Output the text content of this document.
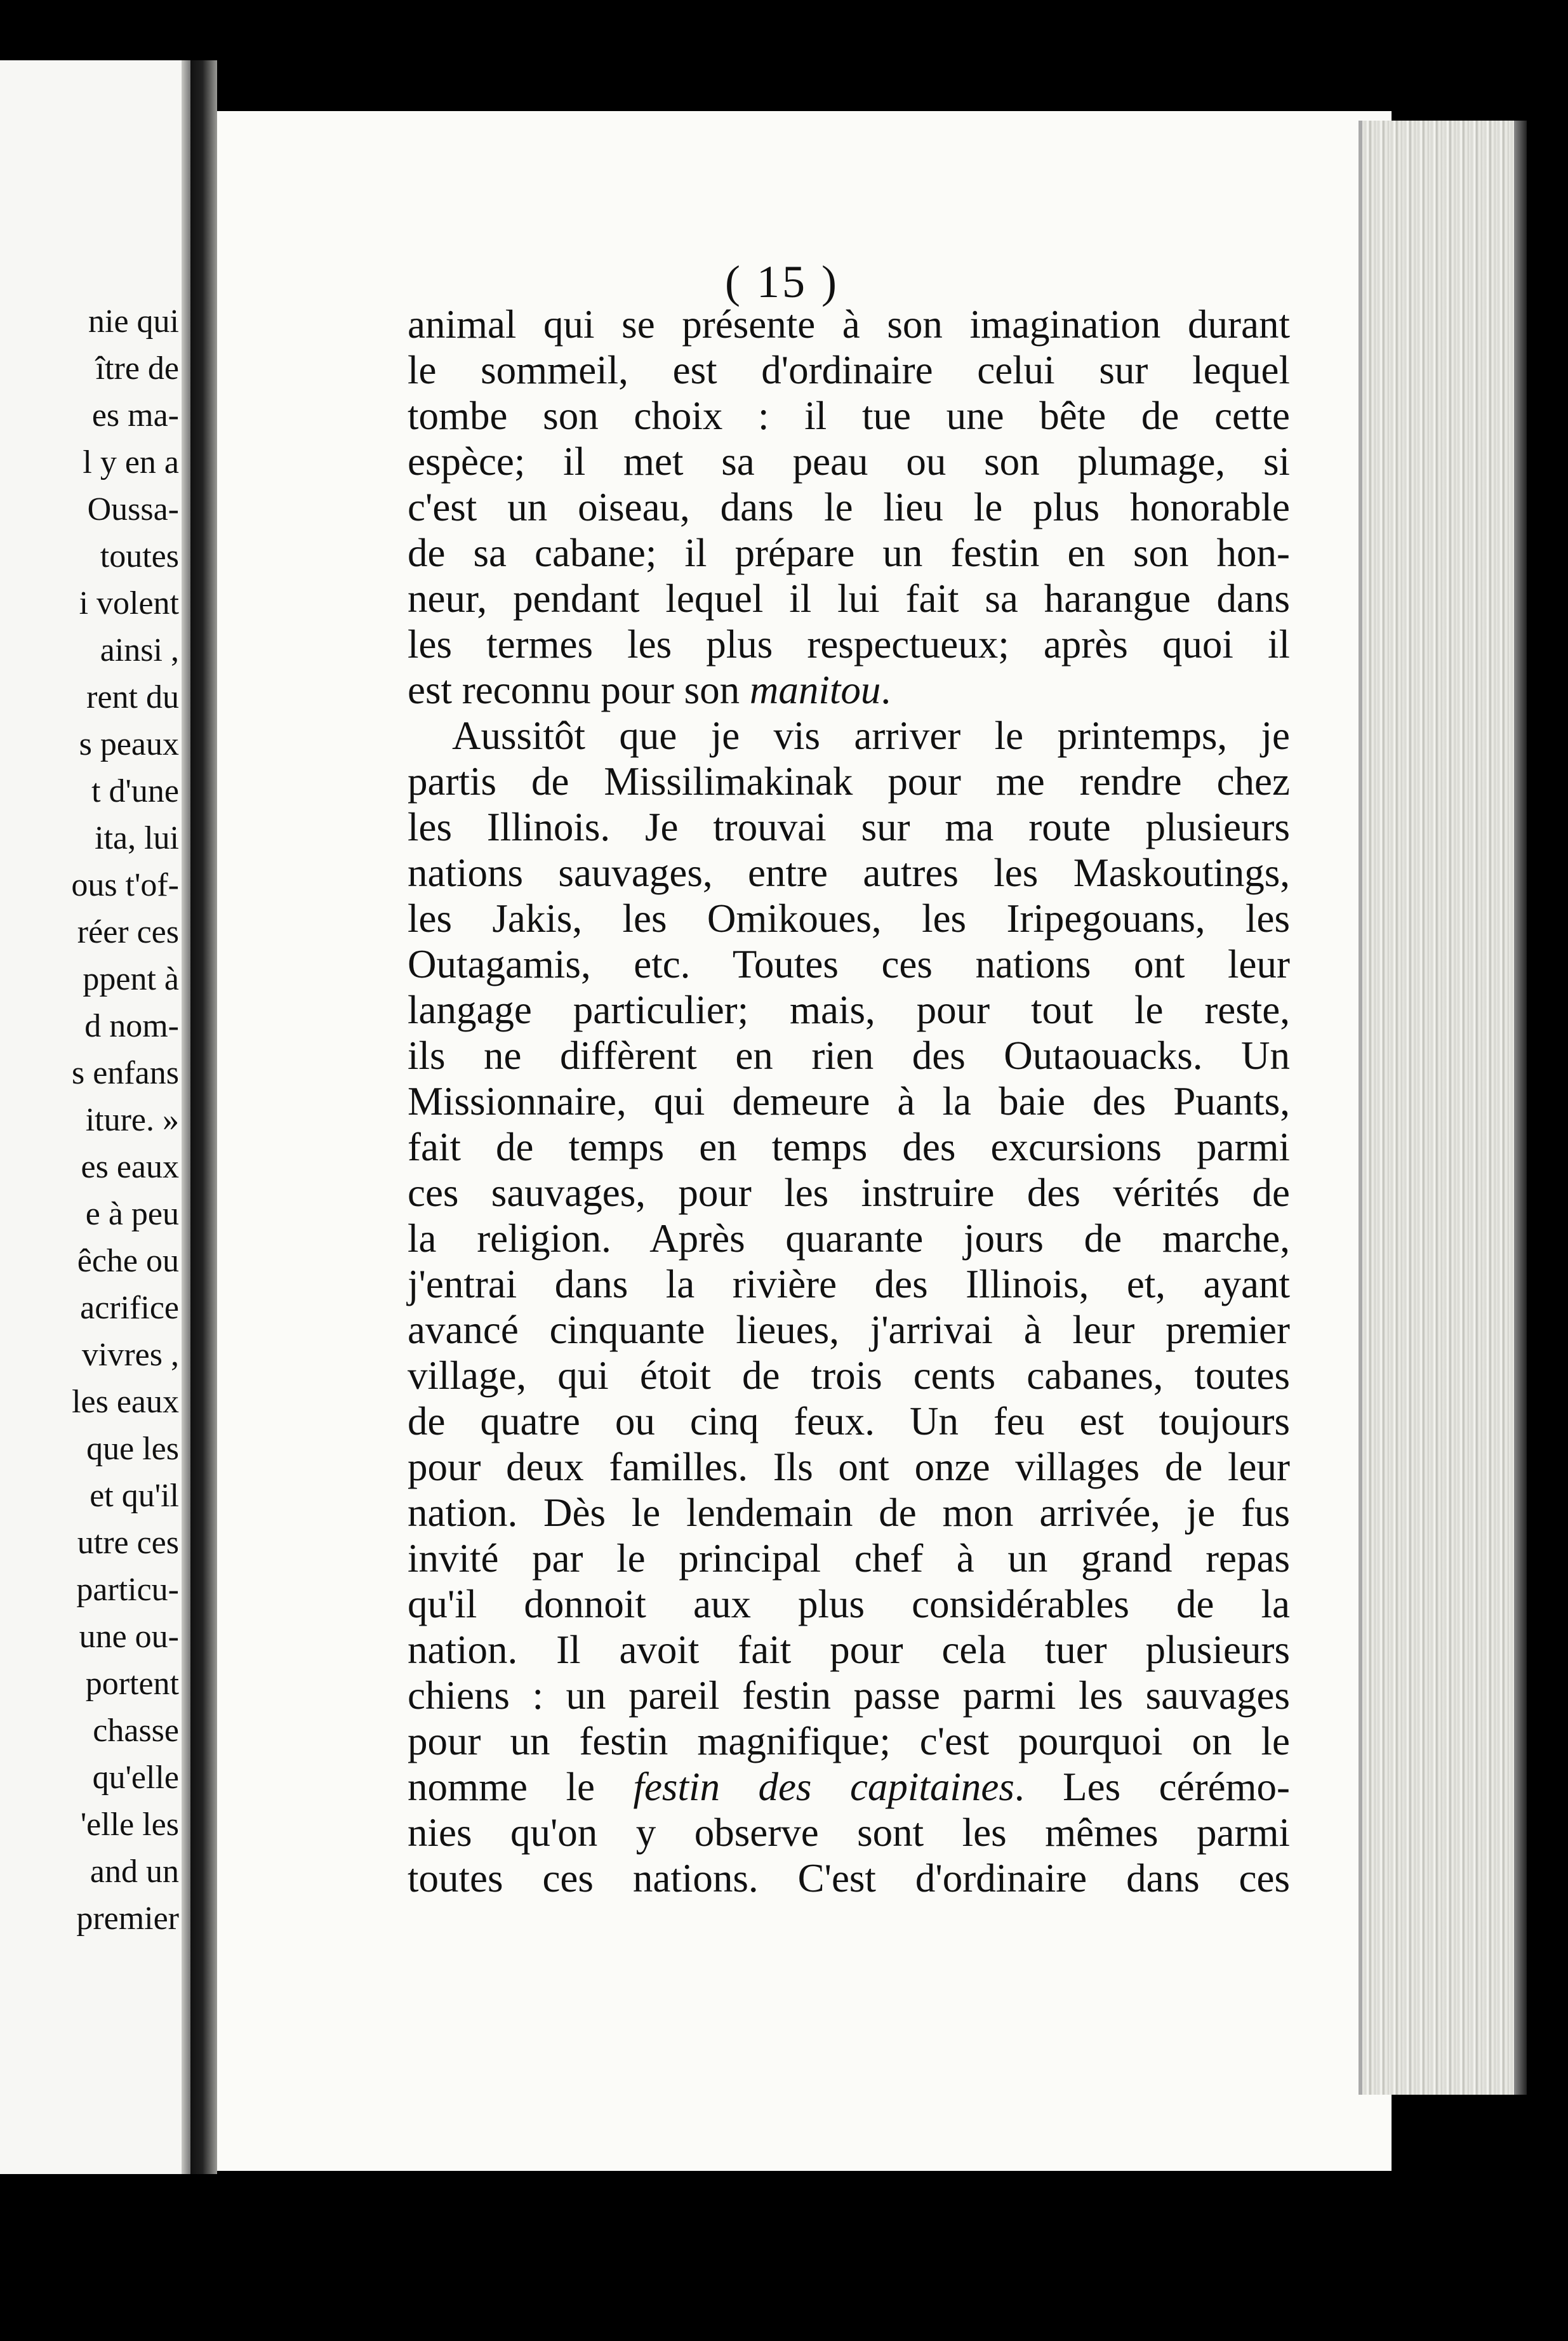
nie qui
ître de
es ma-
l y en a
Oussa-
toutes
i volent
ainsi ,
rent du
s peaux
t d'une
ita, lui
ous t'of-
réer ces
ppent à
d nom-
s enfans
iture. »
es eaux
e à peu
êche ou
acrifice
vivres ,
les eaux
que les
et qu'il
utre ces
particu-
une ou-
portent
chasse
qu'elle
'elle les
and un
premier
( 15 )
animal qui se présente à son imagination durant
le sommeil, est d'ordinaire celui sur lequel
tombe son choix : il tue une bête de cette
espèce; il met sa peau ou son plumage, si
c'est un oiseau, dans le lieu le plus honorable
de sa cabane; il prépare un festin en son hon-
neur, pendant lequel il lui fait sa harangue dans
les termes les plus respectueux; après quoi il
est reconnu pour son manitou.
Aussitôt que je vis arriver le printemps, je
partis de Missilimakinak pour me rendre chez
les Illinois. Je trouvai sur ma route plusieurs
nations sauvages, entre autres les Maskoutings,
les Jakis, les Omikoues, les Iripegouans, les
Outagamis, etc. Toutes ces nations ont leur
langage particulier; mais, pour tout le reste,
ils ne diffèrent en rien des Outaouacks. Un
Missionnaire, qui demeure à la baie des Puants,
fait de temps en temps des excursions parmi
ces sauvages, pour les instruire des vérités de
la religion. Après quarante jours de marche,
j'entrai dans la rivière des Illinois, et, ayant
avancé cinquante lieues, j'arrivai à leur premier
village, qui étoit de trois cents cabanes, toutes
de quatre ou cinq feux. Un feu est toujours
pour deux familles. Ils ont onze villages de leur
nation. Dès le lendemain de mon arrivée, je fus
invité par le principal chef à un grand repas
qu'il donnoit aux plus considérables de la
nation. Il avoit fait pour cela tuer plusieurs
chiens : un pareil festin passe parmi les sauvages
pour un festin magnifique; c'est pourquoi on le
nomme le festin des capitaines. Les cérémo-
nies qu'on y observe sont les mêmes parmi
toutes ces nations. C'est d'ordinaire dans ces
